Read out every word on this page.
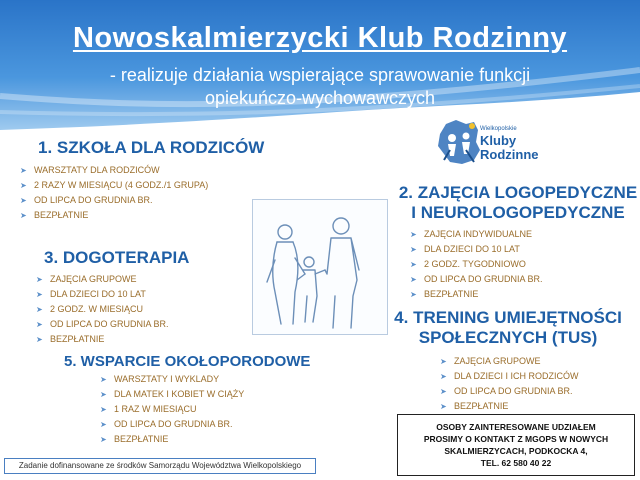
Nowoskalmierzycki Klub Rodzinny
- realizuje działania wspierające sprawowanie funkcji
opiekuńczo-wychowawczych
Wielkopolskie
Kluby
Rodzinne
1. SZKOŁA DLA RODZICÓW
➤ WARSZTATY DLA RODZICÓW
➤ 2 RAZY W MIESIĄCU (4 GODZ./1 GRUPA)
➤ OD LIPCA DO GRUDNIA BR.
➤ BEZPŁATNIE
2. ZAJĘCIA LOGOPEDYCZNE
I NEUROLOGOPEDYCZNE
➤ ZAJĘCIA INDYWIDUALNE
➤ DLA DZIECI DO 10 LAT
➤ 2 GODZ. TYGODNIOWO
➤ OD LIPCA DO GRUDNIA BR.
➤ BEZPŁATNIE
3. DOGOTERAPIA
➤ ZAJĘCIA GRUPOWE
➤ DLA DZIECI DO 10 LAT
➤ 2 GODZ. W MIESIĄCU
➤ OD LIPCA DO GRUDNIA BR.
➤ BEZPŁATNIE
4. TRENING UMIEJĘTNOŚCI
SPOŁECZNYCH (TUS)
➤ ZAJĘCIA GRUPOWE
➤ DLA DZIECI I ICH RODZICÓW
➤ OD LIPCA DO GRUDNIA BR.
➤ BEZPŁATNIE
5. WSPARCIE OKOŁOPORODOWE
➤ WARSZTATY I WYKLADY
➤ DLA MATEK I KOBIET W CIĄŻY
➤ 1 RAZ W MIESIĄCU
➤ OD LIPCA DO GRUDNIA BR.
➤ BEZPŁATNIE
OSOBY ZAINTERESOWANE UDZIAŁEM
PROSIMY O KONTAKT Z MGOPS W NOWYCH
SKALMIERZYCACH, PODKOCKA 4,
TEL. 62 580 40 22
Zadanie dofinansowane ze środków Samorządu Województwa Wielkopolskiego
